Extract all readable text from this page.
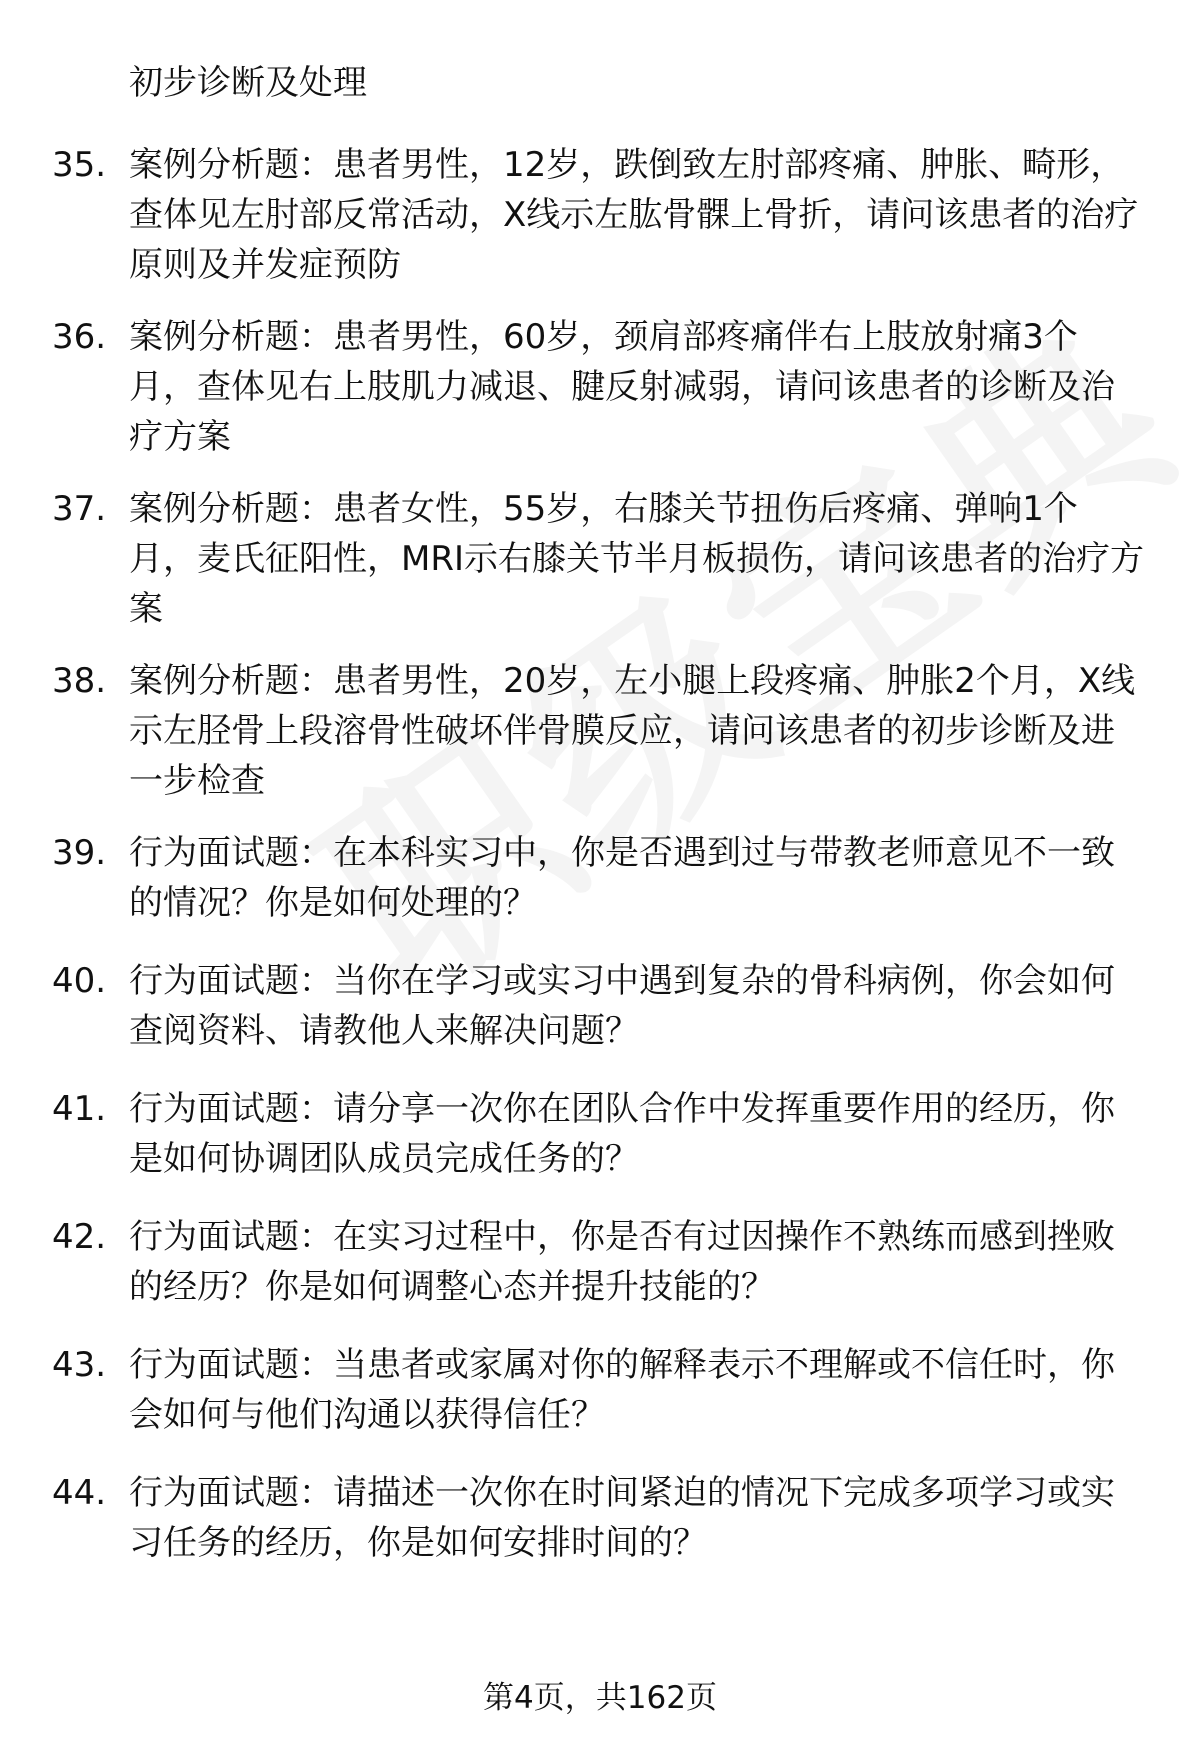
初步诊断及处理
35. 案例分析题：患者男性，12岁，跌倒致左肘部疼痛、肿胀、畸形，查体见左肘部反常活动，X线示左肱骨髁上骨折，请问该患者的治疗原则及并发症预防
36. 案例分析题：患者男性，60岁，颈肩部疼痛伴右上肢放射痛3个月，查体见右上肢肌力减退、腱反射减弱，请问该患者的诊断及治疗方案
37. 案例分析题：患者女性，55岁，右膝关节扭伤后疼痛、弹响1个月，麦氏征阳性，MRI示右膝关节半月板损伤，请问该患者的治疗方案
38. 案例分析题：患者男性，20岁，左小腿上段疼痛、肿胀2个月，X线示左胫骨上段溶骨性破坏伴骨膜反应，请问该患者的初步诊断及进一步检查
39. 行为面试题：在本科实习中，你是否遇到过与带教老师意见不一致的情况？你是如何处理的？
40. 行为面试题：当你在学习或实习中遇到复杂的骨科病例，你会如何查阅资料、请教他人来解决问题？
41. 行为面试题：请分享一次你在团队合作中发挥重要作用的经历，你是如何协调团队成员完成任务的？
42. 行为面试题：在实习过程中，你是否有过因操作不熟练而感到挫败的经历？你是如何调整心态并提升技能的？
43. 行为面试题：当患者或家属对你的解释表示不理解或不信任时，你会如何与他们沟通以获得信任？
44. 行为面试题：请描述一次你在时间紧迫的情况下完成多项学习或实习任务的经历，你是如何安排时间的？
第4页，共162页
